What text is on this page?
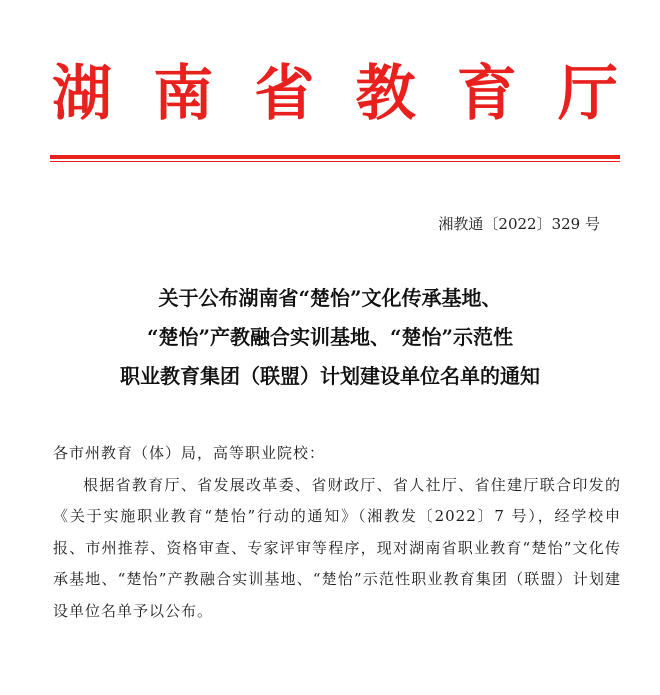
湖 南 省 教 育 厅
湘教通〔2022〕329 号
关于公布湖南省“楚怡”文化传承基地、
“楚怡”产教融合实训基地、“楚怡”示范性
职业教育集团（联盟）计划建设单位名单的通知

各市州教育（体）局，高等职业院校：

根据省教育厅、省发展改革委、省财政厅、省人社厅、省住建厅联合印发的《关于实施职业教育“楚怡”行动的通知》（湘教发〔2022〕7 号），经学校申报、市州推荐、资格审查、专家评审等程序，现对湖南省职业教育“楚怡”文化传承基地、“楚怡”产教融合实训基地、“楚怡”示范性职业教育集团（联盟）计划建设单位名单予以公布。
